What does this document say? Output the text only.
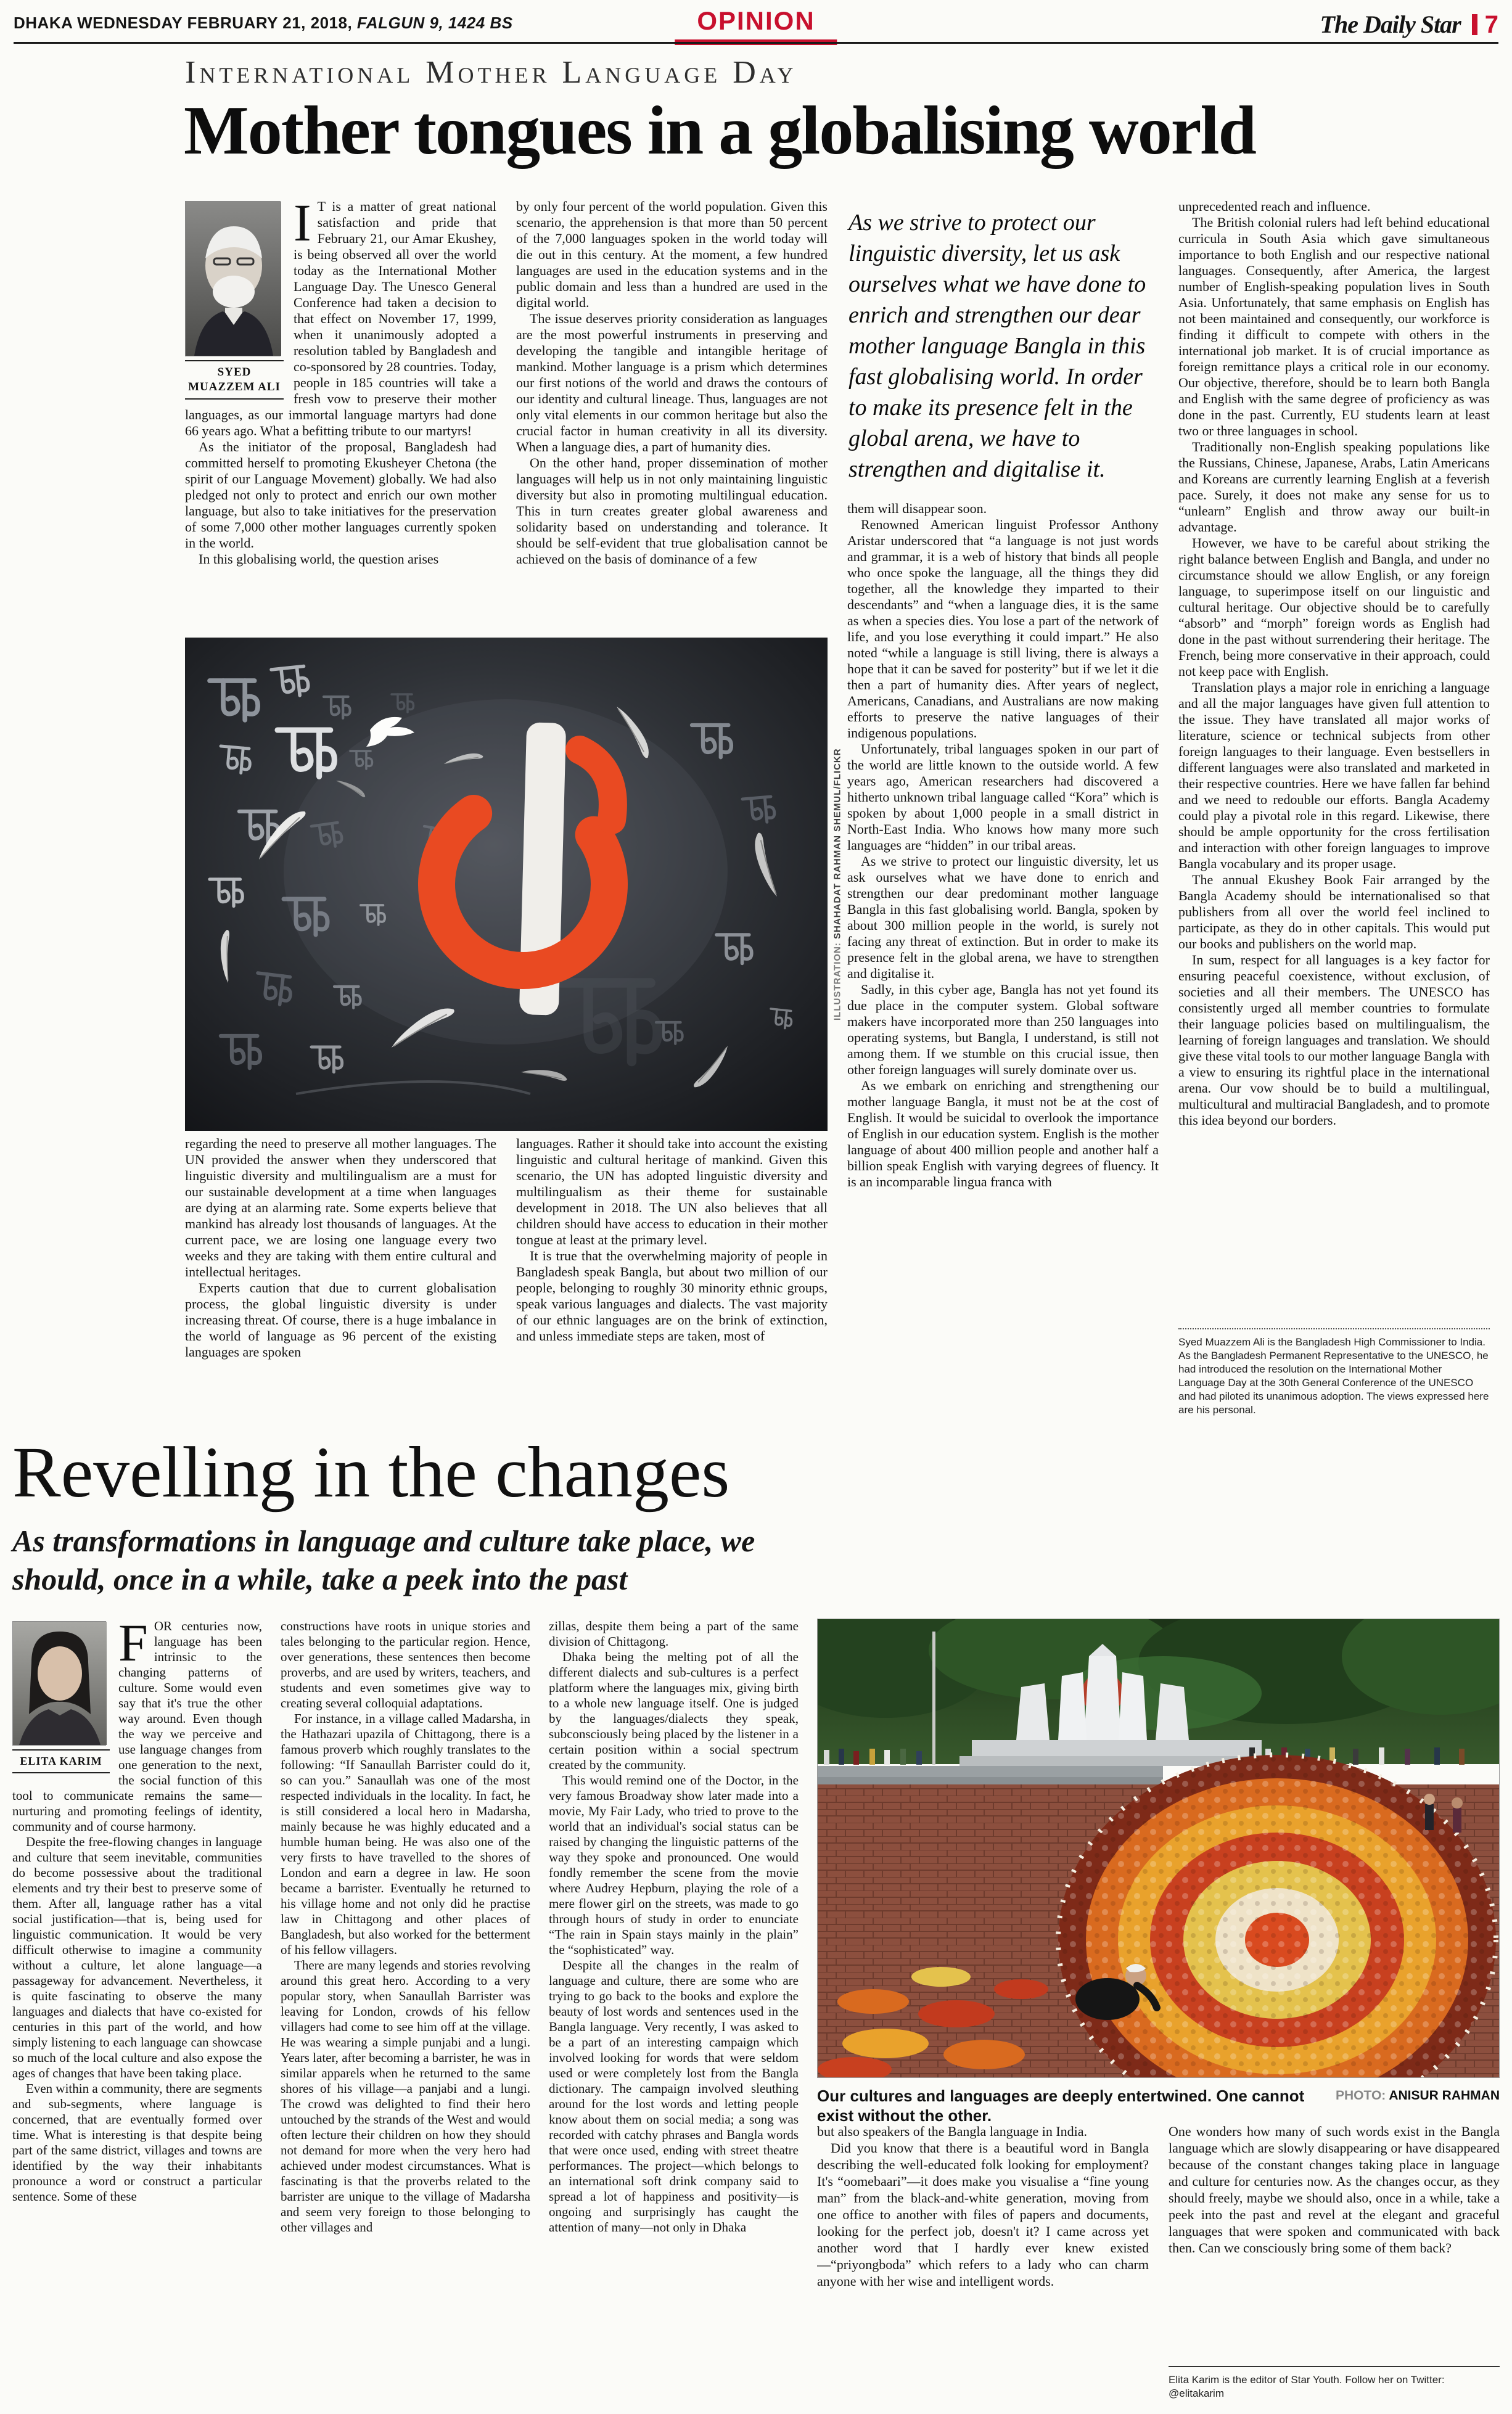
DHAKA WEDNESDAY FEBRUARY 21, 2018, FALGUN 9, 1424 BS	OPINION	The Daily Star 7
International Mother Language Day
Mother tongues in a globalising world
SYED MUAZZEM ALI

IT is a matter of great national satisfaction and pride that February 21, our Amar Ekushey, is being observed all over the world today as the International Mother Language Day. The Unesco General Conference had taken a decision to that effect on November 17, 1999, when it unanimously adopted a resolution tabled by Bangladesh and co-sponsored by 28 countries. Today, people in 185 countries will take a fresh vow to preserve their mother languages, as our immortal language martyrs had done 66 years ago. What a befitting tribute to our martyrs!

As the initiator of the proposal, Bangladesh had committed herself to promoting Ekusheyer Chetona (the spirit of our Language Movement) globally. We had also pledged not only to protect and enrich our own mother language, but also to take initiatives for the preservation of some 7,000 other mother languages currently spoken in the world.

In this globalising world, the question arises

by only four percent of the world population. Given this scenario, the apprehension is that more than 50 percent of the 7,000 languages spoken in the world today will die out in this century. At the moment, a few hundred languages are used in the education systems and in the public domain and less than a hundred are used in the digital world.

The issue deserves priority consideration as languages are the most powerful instruments in preserving and developing the tangible and intangible heritage of mankind. Mother language is a prism which determines our first notions of the world and draws the contours of our identity and cultural lineage. Thus, languages are not only vital elements in our common heritage but also the crucial factor in human creativity in all its diversity. When a language dies, a part of humanity dies.

On the other hand, proper dissemination of mother languages will help us in not only maintaining linguistic diversity but also in promoting multilingual education. This in turn creates greater global awareness and solidarity based on understanding and tolerance. It should be self-evident that true globalisation cannot be achieved on the basis of dominance of a few

ILLUSTRATION: SHAHADAT RAHMAN SHEMUL/FLICKR

regarding the need to preserve all mother languages. The UN provided the answer when they underscored that linguistic diversity and multilingualism are a must for our sustainable development at a time when languages are dying at an alarming rate. Some experts believe that mankind has already lost thousands of languages. At the current pace, we are losing one language every two weeks and they are taking with them entire cultural and intellectual heritages.

Experts caution that due to current globalisation process, the global linguistic diversity is under increasing threat. Of course, there is a huge imbalance in the world of language as 96 percent of the existing languages are spoken

languages. Rather it should take into account the existing linguistic and cultural heritage of mankind. Given this scenario, the UN has adopted linguistic diversity and multilingualism as their theme for sustainable development in 2018. The UN also believes that all children should have access to education in their mother tongue at least at the primary level.

It is true that the overwhelming majority of people in Bangladesh speak Bangla, but about two million of our people, belonging to roughly 30 minority ethnic groups, speak various languages and dialects. The vast majority of our ethnic languages are on the brink of extinction, and unless immediate steps are taken, most of

As we strive to protect our linguistic diversity, let us ask ourselves what we have done to enrich and strengthen our dear mother language Bangla in this fast globalising world. In order to make its presence felt in the global arena, we have to strengthen and digitalise it.

them will disappear soon.

Renowned American linguist Professor Anthony Aristar underscored that “a language is not just words and grammar, it is a web of history that binds all people who once spoke the language, all the things they did together, all the knowledge they imparted to their descendants” and “when a language dies, it is the same as when a species dies. You lose a part of the network of life, and you lose everything it could impart.” He also noted “while a language is still living, there is always a hope that it can be saved for posterity” but if we let it die then a part of humanity dies. After years of neglect, Americans, Canadians, and Australians are now making efforts to preserve the native languages of their indigenous populations.

Unfortunately, tribal languages spoken in our part of the world are little known to the outside world. A few years ago, American researchers had discovered a hitherto unknown tribal language called “Kora” which is spoken by about 1,000 people in a small district in North-East India. Who knows how many more such languages are “hidden” in our tribal areas.

As we strive to protect our linguistic diversity, let us ask ourselves what we have done to enrich and strengthen our dear predominant mother language Bangla in this fast globalising world. Bangla, spoken by about 300 million people in the world, is surely not facing any threat of extinction. But in order to make its presence felt in the global arena, we have to strengthen and digitalise it.

Sadly, in this cyber age, Bangla has not yet found its due place in the computer system. Global software makers have incorporated more than 250 languages into operating systems, but Bangla, I understand, is still not among them. If we stumble on this crucial issue, then other foreign languages will surely dominate over us.

As we embark on enriching and strengthening our mother language Bangla, it must not be at the cost of English. It would be suicidal to overlook the importance of English in our education system. English is the mother language of about 400 million people and another half a billion speak English with varying degrees of fluency. It is an incomparable lingua franca with

unprecedented reach and influence.

The British colonial rulers had left behind educational curricula in South Asia which gave simultaneous importance to both English and our respective national languages. Consequently, after America, the largest number of English-speaking population lives in South Asia. Unfortunately, that same emphasis on English has not been maintained and consequently, our workforce is finding it difficult to compete with others in the international job market. It is of crucial importance as foreign remittance plays a critical role in our economy. Our objective, therefore, should be to learn both Bangla and English with the same degree of proficiency as was done in the past. Currently, EU students learn at least two or three languages in school.

Traditionally non-English speaking populations like the Russians, Chinese, Japanese, Arabs, Latin Americans and Koreans are currently learning English at a feverish pace. Surely, it does not make any sense for us to “unlearn” English and throw away our built-in advantage.

However, we have to be careful about striking the right balance between English and Bangla, and under no circumstance should we allow English, or any foreign language, to superimpose itself on our linguistic and cultural heritage. Our objective should be to carefully “absorb” and “morph” foreign words as English had done in the past without surrendering their heritage. The French, being more conservative in their approach, could not keep pace with English.

Translation plays a major role in enriching a language and all the major languages have given full attention to the issue. They have translated all major works of literature, science or technical subjects from other foreign languages to their language. Even bestsellers in different languages were also translated and marketed in their respective countries. Here we have fallen far behind and we need to redouble our efforts. Bangla Academy could play a pivotal role in this regard. Likewise, there should be ample opportunity for the cross fertilisation and interaction with other foreign languages to improve Bangla vocabulary and its proper usage.

The annual Ekushey Book Fair arranged by the Bangla Academy should be internationalised so that publishers from all over the world feel inclined to participate, as they do in other capitals. This would put our books and publishers on the world map.

In sum, respect for all languages is a key factor for ensuring peaceful coexistence, without exclusion, of societies and all their members. The UNESCO has consistently urged all member countries to formulate their language policies based on multilingualism, the learning of foreign languages and translation. We should give these vital tools to our mother language Bangla with a view to ensuring its rightful place in the international arena. Our vow should be to build a multilingual, multicultural and multiracial Bangladesh, and to promote this idea beyond our borders.

Syed Muazzem Ali is the Bangladesh High Commissioner to India. As the Bangladesh Permanent Representative to the UNESCO, he had introduced the resolution on the International Mother Language Day at the 30th General Conference of the UNESCO and had piloted its unanimous adoption. The views expressed here are his personal.
Revelling in the changes
As transformations in language and culture take place, we should, once in a while, take a peek into the past
ELITA KARIM

FOR centuries now, language has been intrinsic to the changing patterns of culture. Some would even say that it's true the other way around. Even though the way we perceive and use language changes from one generation to the next, the social function of this tool to communicate remains the same—nurturing and promoting feelings of identity, community and of course harmony.

Despite the free-flowing changes in language and culture that seem inevitable, communities do become possessive about the traditional elements and try their best to preserve some of them. After all, language rather has a vital social justification—that is, being used for linguistic communication. It would be very difficult otherwise to imagine a community without a culture, let alone language—a passageway for advancement. Nevertheless, it is quite fascinating to observe the many languages and dialects that have co-existed for centuries in this part of the world, and how simply listening to each language can showcase so much of the local culture and also expose the ages of changes that have been taking place.

Even within a community, there are segments and sub-segments, where language is concerned, that are eventually formed over time. What is interesting is that despite being part of the same district, villages and towns are identified by the way their inhabitants pronounce a word or construct a particular sentence. Some of these

constructions have roots in unique stories and tales belonging to the particular region. Hence, over generations, these sentences then become proverbs, and are used by writers, teachers, and students and even sometimes give way to creating several colloquial adaptations.

For instance, in a village called Madarsha, in the Hathazari upazila of Chittagong, there is a famous proverb which roughly translates to the following: “If Sanaullah Barrister could do it, so can you.” Sanaullah was one of the most respected individuals in the locality. In fact, he is still considered a local hero in Madarsha, mainly because he was highly educated and a humble human being. He was also one of the very firsts to have travelled to the shores of London and earn a degree in law. He soon became a barrister. Eventually he returned to his village home and not only did he practise law in Chittagong and other places of Bangladesh, but also worked for the betterment of his fellow villagers.

There are many legends and stories revolving around this great hero. According to a very popular story, when Sanaullah Barrister was leaving for London, crowds of his fellow villagers had come to see him off at the village. He was wearing a simple punjabi and a lungi. Years later, after becoming a barrister, he was in similar apparels when he returned to the same shores of his village—a panjabi and a lungi. The crowd was delighted to find their hero untouched by the strands of the West and would often lecture their children on how they should not demand for more when the very hero had achieved under modest circumstances. What is fascinating is that the proverbs related to the barrister are unique to the village of Madarsha and seem very foreign to those belonging to other villages and

zillas, despite them being a part of the same division of Chittagong.

Dhaka being the melting pot of all the different dialects and sub-cultures is a perfect platform where the languages mix, giving birth to a whole new language itself. One is judged by the languages/dialects they speak, subconsciously being placed by the listener in a certain position within a social spectrum created by the community.

This would remind one of the Doctor, in the very famous Broadway show later made into a movie, My Fair Lady, who tried to prove to the world that an individual's social status can be raised by changing the linguistic patterns of the way they spoke and pronounced. One would fondly remember the scene from the movie where Audrey Hepburn, playing the role of a mere flower girl on the streets, was made to go through hours of study in order to enunciate “The rain in Spain stays mainly in the plain” the “sophisticated” way.

Despite all the changes in the realm of language and culture, there are some who are trying to go back to the books and explore the beauty of lost words and sentences used in the Bangla language. Very recently, I was asked to be a part of an interesting campaign which involved looking for words that were seldom used or were completely lost from the Bangla dictionary. The campaign involved sleuthing around for the lost words and letting people know about them on social media; a song was recorded with catchy phrases and Bangla words that were once used, ending with street theatre performances. The project—which belongs to an international soft drink company said to spread a lot of happiness and positivity—is ongoing and surprisingly has caught the attention of many—not only in Dhaka

PHOTO: ANISUR RAHMAN
Our cultures and languages are deeply entertwined. One cannot exist without the other.

but also speakers of the Bangla language in India.

Did you know that there is a beautiful word in Bangla describing the well-educated folk looking for employment? It's “oomebaari”—it does make you visualise a “fine young man” from the black-and-white generation, moving from one office to another with files of papers and documents, looking for the perfect job, doesn't it? I came across yet another word that I hardly ever knew existed—“priyongboda” which refers to a lady who can charm anyone with her wise and intelligent words.

One wonders how many of such words exist in the Bangla language which are slowly disappearing or have disappeared because of the constant changes taking place in language and culture for centuries now. As the changes occur, as they should freely, maybe we should also, once in a while, take a peek into the past and revel at the elegant and graceful languages that were spoken and communicated with back then. Can we consciously bring some of them back?

Elita Karim is the editor of Star Youth. Follow her on Twitter: @elitakarim
